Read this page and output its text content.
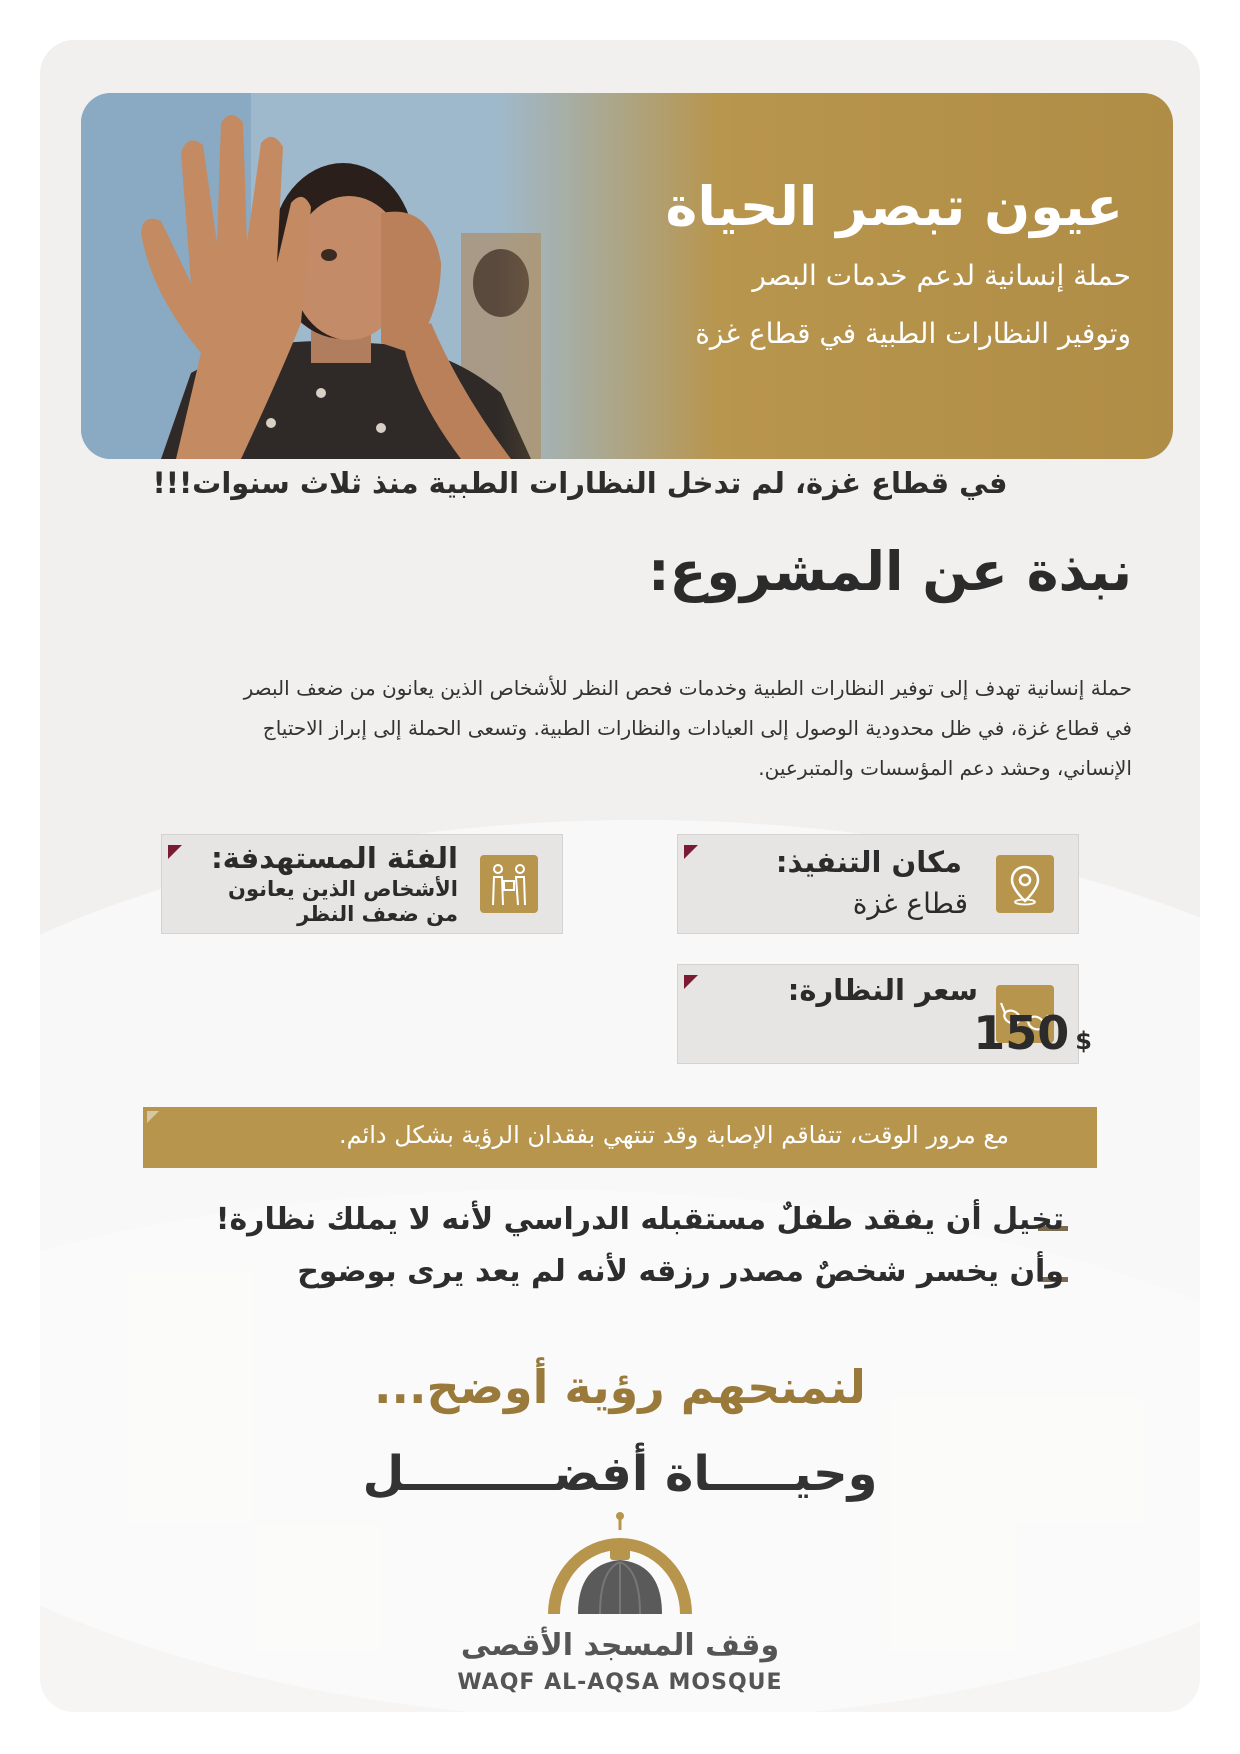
عيون تبصر الحياة

حملة إنسانية لدعم خدمات البصر

وتوفير النظارات الطبية في قطاع غزة

في قطاع غزة، لم تدخل النظارات الطبية منذ ثلاث سنوات!!!

نبذة عن المشروع:
حملة إنسانية تهدف إلى توفير النظارات الطبية وخدمات فحص النظر للأشخاص الذين يعانون من ضعف البصر
في قطاع غزة، في ظل محدودية الوصول إلى العيادات والنظارات الطبية. وتسعى الحملة إلى إبراز الاحتياج
الإنساني، وحشد دعم المؤسسات والمتبرعين.

مكان التنفيذ:

قطاع غزة

الفئة المستهدفة:

الأشخاص الذين يعانون

من ضعف النظر

سعر النظارة:

150 $

مع مرور الوقت، تتفاقم الإصابة وقد تنتهي بفقدان الرؤية بشكل دائم.

تخيل أن يفقد طفلٌ مستقبله الدراسي لأنه لا يملك نظارة!

وأن يخسر شخصٌ مصدر رزقه لأنه لم يعد يرى بوضوح

لنمنحهم رؤية أوضح...

وحيـــــاة أفضـــــــــل

وقف المسجد الأقصى

WAQF AL-AQSA MOSQUE
